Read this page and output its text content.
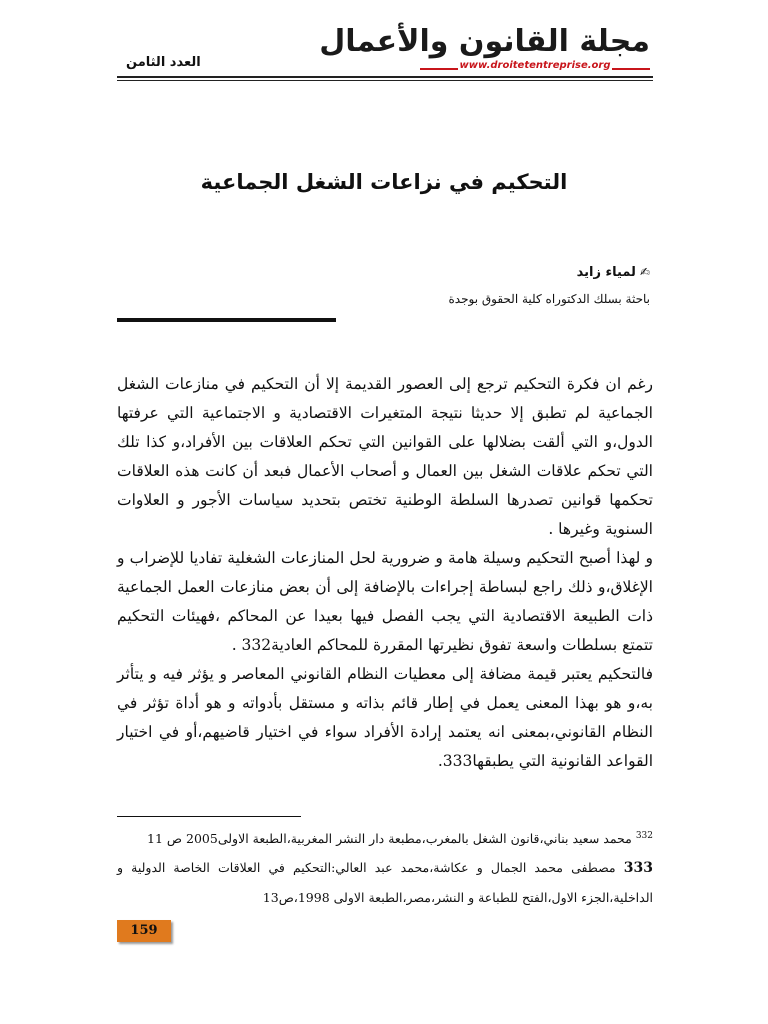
مجلة القانون والأعمال
www.droitetentreprise.org
العدد الثامن
التحكيم في نزاعات الشغل الجماعية
✍لمياء زايد
باحثة بسلك الدكتوراه كلية الحقوق بوجدة

رغم ان فكرة التحكيم ترجع إلى العصور القديمة إلا أن التحكيم في منازعات الشغل الجماعية لم تطبق إلا حديثا نتيجة المتغيرات الاقتصادية و الاجتماعية التي عرفتها الدول،و التي ألقت بضلالها على القوانين التي تحكم العلاقات بين الأفراد،و كذا تلك التي تحكم علاقات الشغل بين العمال و أصحاب الأعمال فبعد أن كانت هذه العلاقات تحكمها قوانين تصدرها السلطة الوطنية تختص بتحديد سياسات الأجور و العلاوات السنوية وغيرها .

و لهذا أصبح التحكيم وسيلة هامة و ضرورية لحل المنازعات الشغلية تفاديا للإضراب و الإغلاق،و ذلك راجع لبساطة إجراءات بالإضافة إلى أن بعض منازعات العمل الجماعية ذات الطبيعة الاقتصادية التي يجب الفصل فيها بعيدا عن المحاكم ،فهيئات التحكيم تتمتع بسلطات واسعة تفوق نظيرتها المقررة للمحاكم العادية332 .

فالتحكيم يعتبر قيمة مضافة إلى معطيات النظام القانوني المعاصر و يؤثر فيه و يتأثر به،و هو بهذا المعنى يعمل في إطار قائم بذاته و مستقل بأدواته و هو أداة تؤثر في النظام القانوني،بمعنى انه يعتمد إرادة الأفراد سواء في اختيار قاضيهم،أو في اختيار القواعد القانونية التي يطبقها333.

$^{332}$ محمد سعيد بناني،قانون الشغل بالمغرب،مطبعة دار النشر المغربية،الطبعة الاولى2005 ص 11

333 مصطفى محمد الجمال و عكاشة،محمد عبد العالي:التحكيم في العلاقات الخاصة الدولية و الداخلية،الجزء الاول،الفتح للطباعة و النشر،مصر،الطبعة الاولى 1998،ص13

159
